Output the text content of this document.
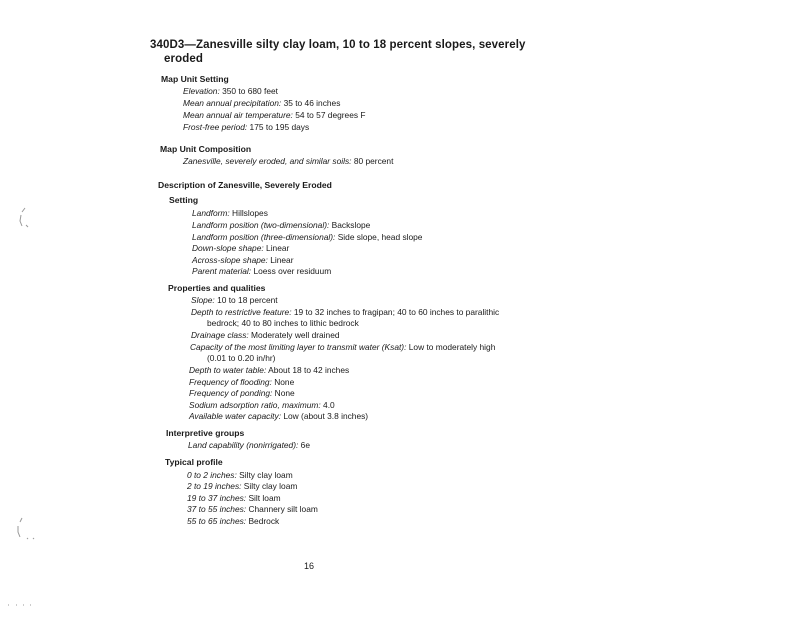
340D3—Zanesville silty clay loam, 10 to 18 percent slopes, severely
eroded
Map Unit Setting
Elevation: 350 to 680 feet
Mean annual precipitation: 35 to 46 inches
Mean annual air temperature: 54 to 57 degrees F
Frost-free period: 175 to 195 days
Map Unit Composition
Zanesville, severely eroded, and similar soils: 80 percent
Description of Zanesville, Severely Eroded
Setting
Landform: Hillslopes
Landform position (two-dimensional): Backslope
Landform position (three-dimensional): Side slope, head slope
Down-slope shape: Linear
Across-slope shape: Linear
Parent material: Loess over residuum
Properties and qualities
Slope: 10 to 18 percent
Depth to restrictive feature: 19 to 32 inches to fragipan; 40 to 60 inches to paralithic
bedrock; 40 to 80 inches to lithic bedrock
Drainage class: Moderately well drained
Capacity of the most limiting layer to transmit water (Ksat): Low to moderately high
(0.01 to 0.20 in/hr)
Depth to water table: About 18 to 42 inches
Frequency of flooding: None
Frequency of ponding: None
Sodium adsorption ratio, maximum: 4.0
Available water capacity: Low (about 3.8 inches)
Interpretive groups
Land capability (nonirrigated): 6e
Typical profile
0 to 2 inches: Silty clay loam
2 to 19 inches: Silty clay loam
19 to 37 inches: Silt loam
37 to 55 inches: Channery silt loam
55 to 65 inches: Bedrock
16
